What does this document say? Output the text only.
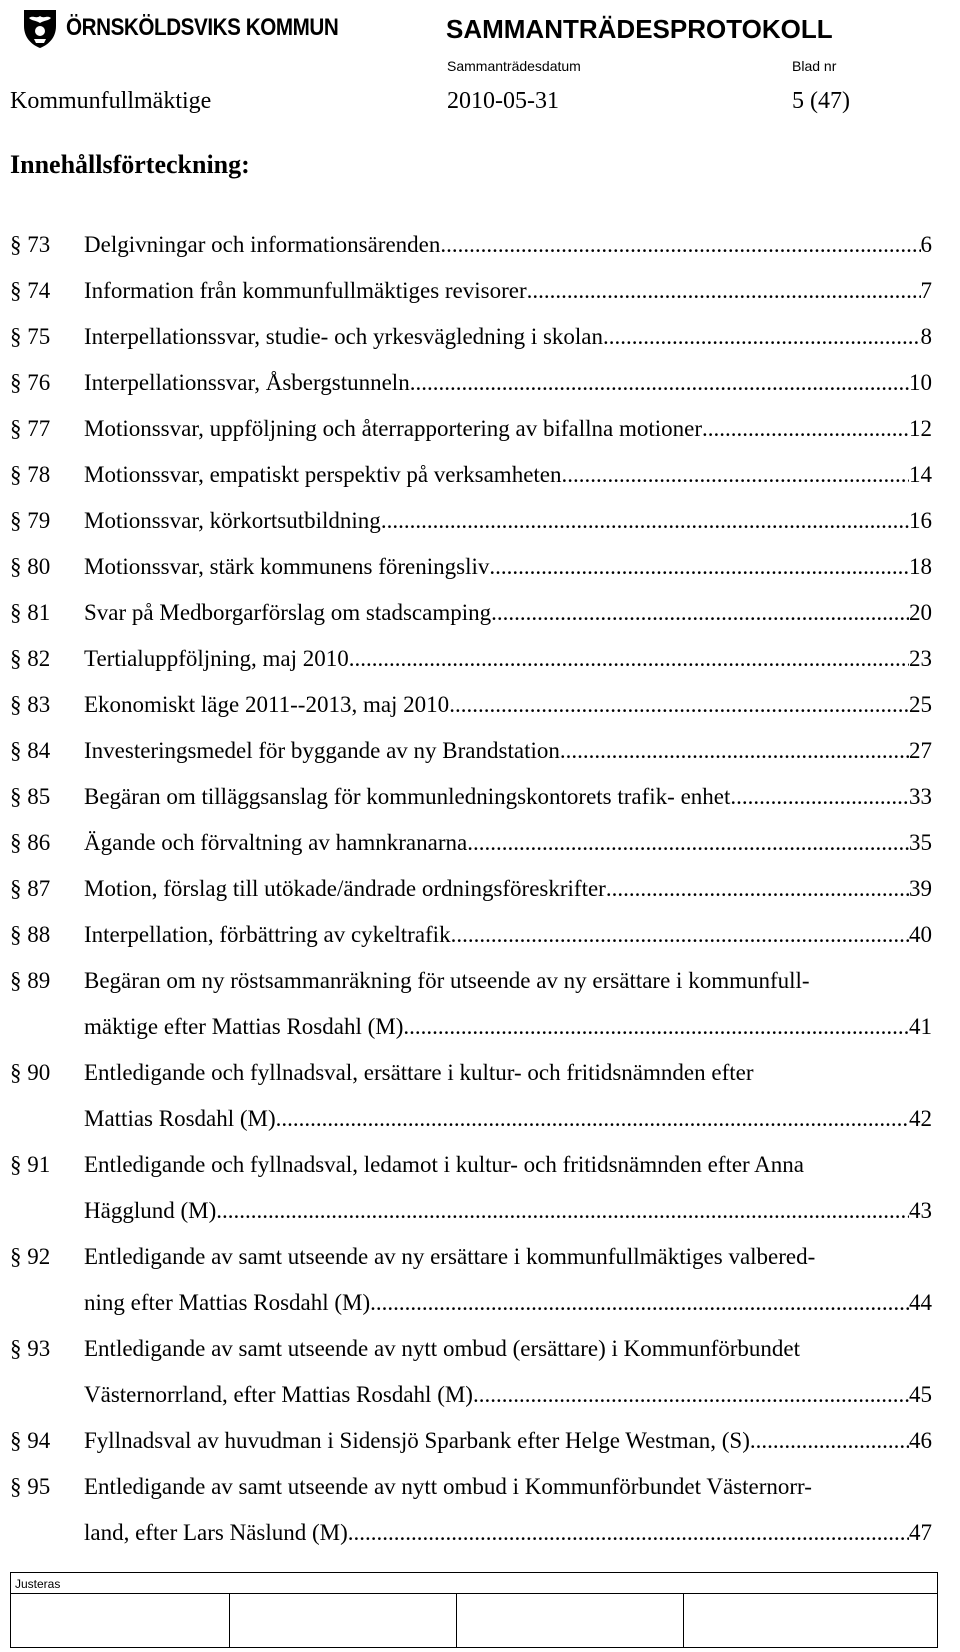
ÖRNSKÖLDSVIKS KOMMUN	SAMMANTRÄDESPROTOKOLL
Sammanträdesdatum	Blad nr
Kommunfullmäktige	2010-05-31	5 (47)
Innehållsförteckning:
§ 73	Delgivningar och informationsärenden .....	6
§ 74	Information från kommunfullmäktiges revisorer .....	7
§ 75	Interpellationssvar, studie- och yrkesvägledning i skolan .....	8
§ 76	Interpellationssvar, Åsbergstunneln .....	10
§ 77	Motionssvar, uppföljning och återrapportering av bifallna motioner .....	12
§ 78	Motionssvar, empatiskt perspektiv på verksamheten .....	14
§ 79	Motionssvar, körkortsutbildning .....	16
§ 80	Motionssvar, stärk kommunens föreningsliv .....	18
§ 81	Svar på Medborgarförslag om stadscamping .....	20
§ 82	Tertialuppföljning, maj 2010 .....	23
§ 83	Ekonomiskt läge 2011--2013, maj 2010 .....	25
§ 84	Investeringsmedel för byggande av ny Brandstation .....	27
§ 85	Begäran om tilläggsanslag för kommunledningskontorets trafik- enhet .....	33
§ 86	Ägande och förvaltning av hamnkranarna .....	35
§ 87	Motion, förslag till utökade/ändrade ordningsföreskrifter .....	39
§ 88	Interpellation, förbättring av cykeltrafik .....	40
§ 89	Begäran om ny röstsammanräkning för utseende av ny ersättare i kommunfull-
mäktige efter Mattias Rosdahl (M) .....	41
§ 90	Entledigande och fyllnadsval, ersättare i kultur- och fritidsnämnden efter
Mattias Rosdahl (M) .....	42
§ 91	Entledigande och fyllnadsval, ledamot i kultur- och fritidsnämnden efter Anna
Hägglund (M) .....	43
§ 92	Entledigande av samt utseende av ny ersättare i kommunfullmäktiges valbered-
ning efter Mattias Rosdahl (M) .....	44
§ 93	Entledigande av samt utseende av nytt ombud (ersättare) i Kommunförbundet
Västernorrland, efter Mattias Rosdahl (M) .....	45
§ 94	Fyllnadsval av huvudman i Sidensjö Sparbank efter Helge Westman, (S) .....	46
§ 95	Entledigande av samt utseende av nytt ombud i Kommunförbundet Västernorr-
land, efter Lars Näslund (M) .....	47
Justeras
